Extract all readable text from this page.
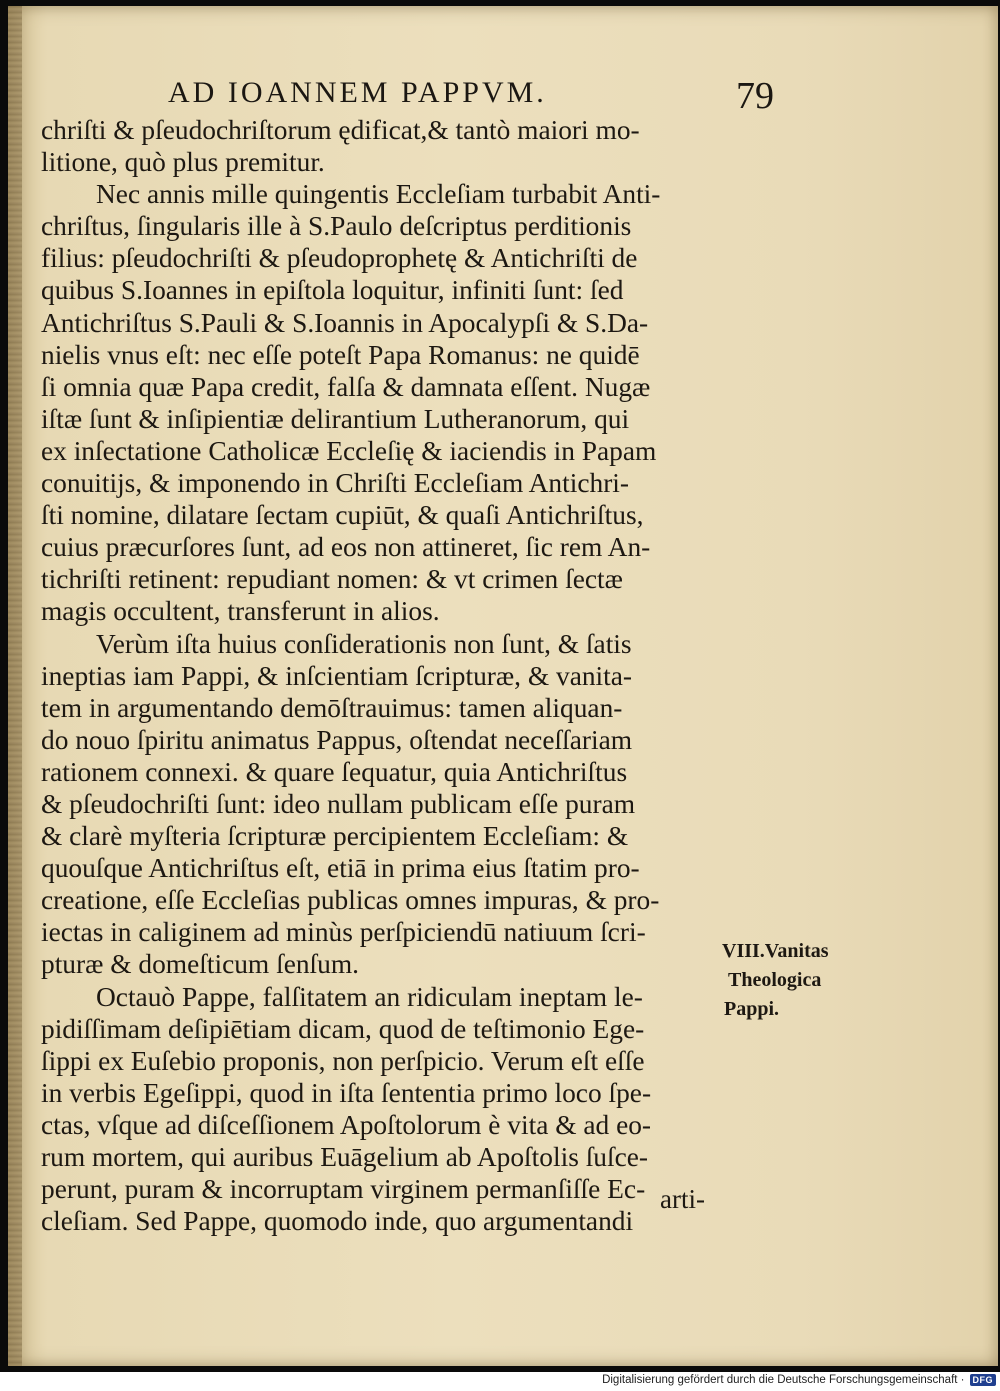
AD IOANNEM PAPPVM.	79
chriſti & pſeudochriſtorum ędificat,& tantò maiori mo-
litione, quò plus premitur.
Nec annis mille quingentis Eccleſiam turbabit Anti-
chriſtus, ſingularis ille à S.Paulo deſcriptus perditionis
filius: pſeudochriſti & pſeudoprophetę & Antichriſti de
quibus S.Ioannes in epiſtola loquitur, infiniti ſunt: ſed
Antichriſtus S.Pauli & S.Ioannis in Apocalypſi & S.Da-
nielis vnus eſt: nec eſſe poteſt Papa Romanus: ne quidē
ſi omnia quæ Papa credit, falſa & damnata eſſent. Nugæ
iſtæ ſunt & inſipientiæ delirantium Lutheranorum, qui
ex inſectatione Catholicæ Eccleſię & iaciendis in Papam
conuitijs, & imponendo in Chriſti Eccleſiam Antichri-
ſti nomine, dilatare ſectam cupiūt, & quaſi Antichriſtus,
cuius præcurſores ſunt, ad eos non attineret, ſic rem An-
tichriſti retinent: repudiant nomen: & vt crimen ſectæ
magis occultent, transferunt in alios.
Verùm iſta huius conſiderationis non ſunt, & ſatis
ineptias iam Pappi, & inſcientiam ſcripturæ, & vanita-
tem in argumentando demōſtrauimus: tamen aliquan-
do nouo ſpiritu animatus Pappus, oſtendat neceſſariam
rationem connexi. & quare ſequatur, quia Antichriſtus
& pſeudochriſti ſunt: ideo nullam publicam eſſe puram
& clarè myſteria ſcripturæ percipientem Eccleſiam: &
quouſque Antichriſtus eſt, etiā in prima eius ſtatim pro-
creatione, eſſe Eccleſias publicas omnes impuras, & pro-
iectas in caliginem ad minùs perſpiciendū natiuum ſcri-
pturæ & domeſticum ſenſum.
Octauò Pappe, falſitatem an ridiculam ineptam le-
pidiſſimam deſipiētiam dicam, quod de teſtimonio Ege-
ſippi ex Euſebio proponis, non perſpicio. Verum eſt eſſe
in verbis Egeſippi, quod in iſta ſententia primo loco ſpe-
ctas, vſque ad diſceſſionem Apoſtolorum è vita & ad eo-
rum mortem, qui auribus Euāgelium ab Apoſtolis ſuſce-
perunt, puram & incorruptam virginem permanſiſſe Ec-
cleſiam. Sed Pappe, quomodo inde, quo argumentandi
VIII.Vanitas
Theologica
Pappi.
arti-
Digitalisierung gefördert durch die Deutsche Forschungsgemeinschaft · DFG
